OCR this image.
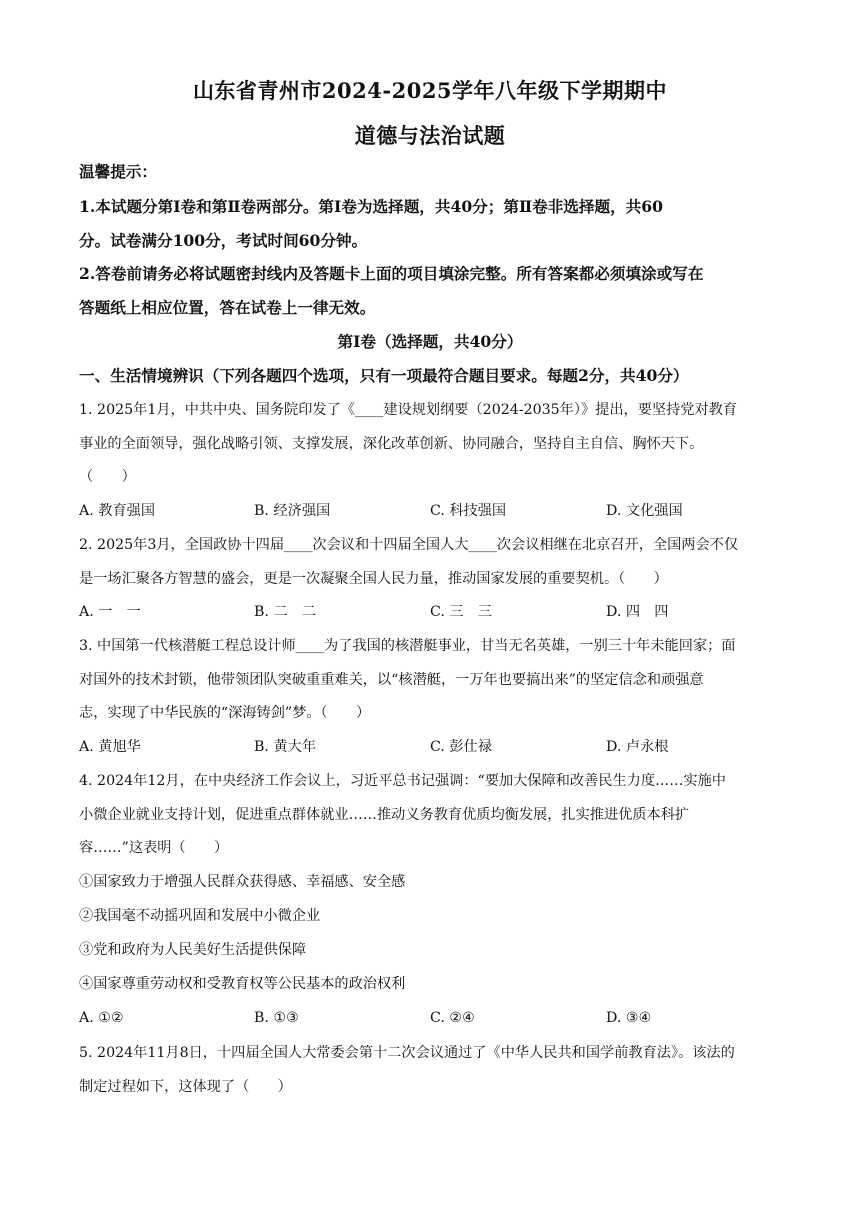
山东省青州市2024-2025学年八年级下学期期中
道德与法治试题
温馨提示：
1.本试题分第Ⅰ卷和第Ⅱ卷两部分。第Ⅰ卷为选择题，共40分；第Ⅱ卷非选择题，共60
分。试卷满分100分，考试时间60分钟。
2.答卷前请务必将试题密封线内及答题卡上面的项目填涂完整。所有答案都必须填涂或写在
答题纸上相应位置，答在试卷上一律无效。
第Ⅰ卷（选择题，共40分）
一、生活情境辨识（下列各题四个选项，只有一项最符合题目要求。每题2分，共40分）
1. 2025年1月，中共中央、国务院印发了《____建设规划纲要（2024-2035年）》提出，要坚持党对教育
事业的全面领导，强化战略引领、支撑发展，深化改革创新、协同融合，坚持自主自信、胸怀天下。
（　　）
A. 教育强国	B. 经济强国	C. 科技强国	D. 文化强国
2. 2025年3月，全国政协十四届____次会议和十四届全国人大____次会议相继在北京召开，全国两会不仅
是一场汇聚各方智慧的盛会，更是一次凝聚全国人民力量，推动国家发展的重要契机。（　　）
A. 一　一	B. 二　二	C. 三　三	D. 四　四
3. 中国第一代核潜艇工程总设计师____为了我国的核潜艇事业，甘当无名英雄，一别三十年未能回家；面
对国外的技术封锁，他带领团队突破重重难关，以“核潜艇，一万年也要搞出来”的坚定信念和顽强意
志，实现了中华民族的“深海铸剑”梦。（　　）
A. 黄旭华	B. 黄大年	C. 彭仕禄	D. 卢永根
4. 2024年12月，在中央经济工作会议上，习近平总书记强调：“要加大保障和改善民生力度……实施中
小微企业就业支持计划，促进重点群体就业……推动义务教育优质均衡发展，扎实推进优质本科扩
容……”这表明（　　）
①国家致力于增强人民群众获得感、幸福感、安全感
②我国毫不动摇巩固和发展中小微企业
③党和政府为人民美好生活提供保障
④国家尊重劳动权和受教育权等公民基本的政治权利
A. ①②	B. ①③	C. ②④	D. ③④
5. 2024年11月8日，十四届全国人大常委会第十二次会议通过了《中华人民共和国学前教育法》。该法的
制定过程如下，这体现了（　　）
